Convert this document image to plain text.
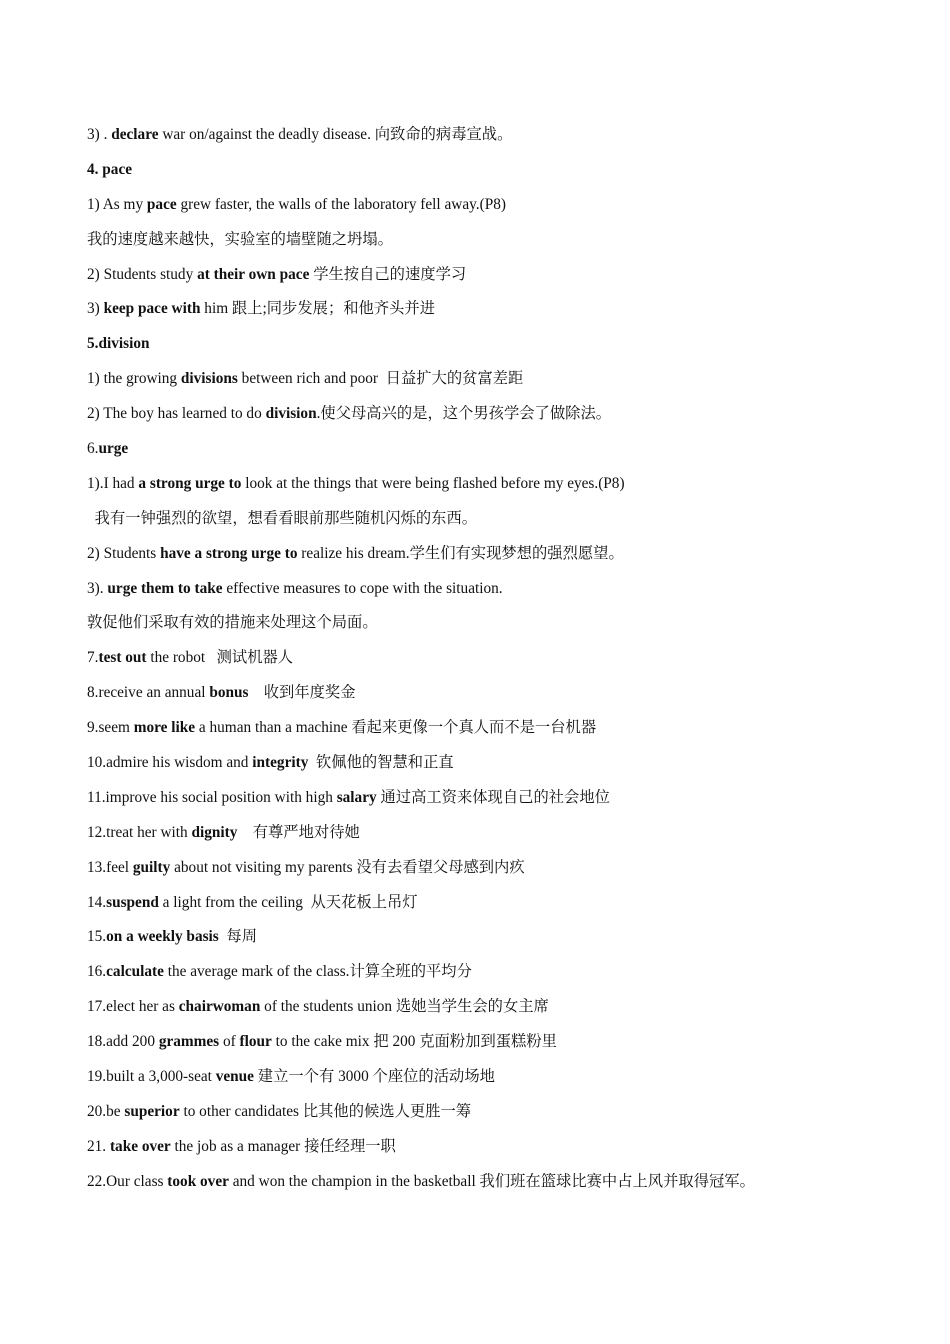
3) . declare war on/against the deadly disease. 向致命的病毒宣战。
4. pace
1) As my pace grew faster, the walls of the laboratory fell away.(P8)
我的速度越来越快，实验室的墙壁随之坍塌。
2) Students study at their own pace 学生按自己的速度学习
3) keep pace with him 跟上;同步发展；和他齐头并进
5.division
1) the growing divisions between rich and poor  日益扩大的贫富差距
2) The boy has learned to do division.使父母高兴的是，这个男孩学会了做除法。
6.urge
1).I had a strong urge to look at the things that were being flashed before my eyes.(P8)
我有一钟强烈的欲望，想看看眼前那些随机闪烁的东西。
2) Students have a strong urge to realize his dream.学生们有实现梦想的强烈愿望。
3). urge them to take effective measures to cope with the situation.
敦促他们采取有效的措施来处理这个局面。
7.test out the robot   测试机器人
8.receive an annual bonus    收到年度奖金
9.seem more like a human than a machine 看起来更像一个真人而不是一台机器
10.admire his wisdom and integrity  钦佩他的智慧和正直
11.improve his social position with high salary 通过高工资来体现自己的社会地位
12.treat her with dignity    有尊严地对待她
13.feel guilty about not visiting my parents 没有去看望父母感到内疚
14.suspend a light from the ceiling  从天花板上吊灯
15.on a weekly basis  每周
16.calculate the average mark of the class.计算全班的平均分
17.elect her as chairwoman of the students union 选她当学生会的女主席
18.add 200 grammes of flour to the cake mix 把 200 克面粉加到蛋糕粉里
19.built a 3,000-seat venue 建立一个有 3000 个座位的活动场地
20.be superior to other candidates 比其他的候选人更胜一筹
21. take over the job as a manager 接任经理一职
22.Our class took over and won the champion in the basketball 我们班在篮球比赛中占上风并取得冠军。
